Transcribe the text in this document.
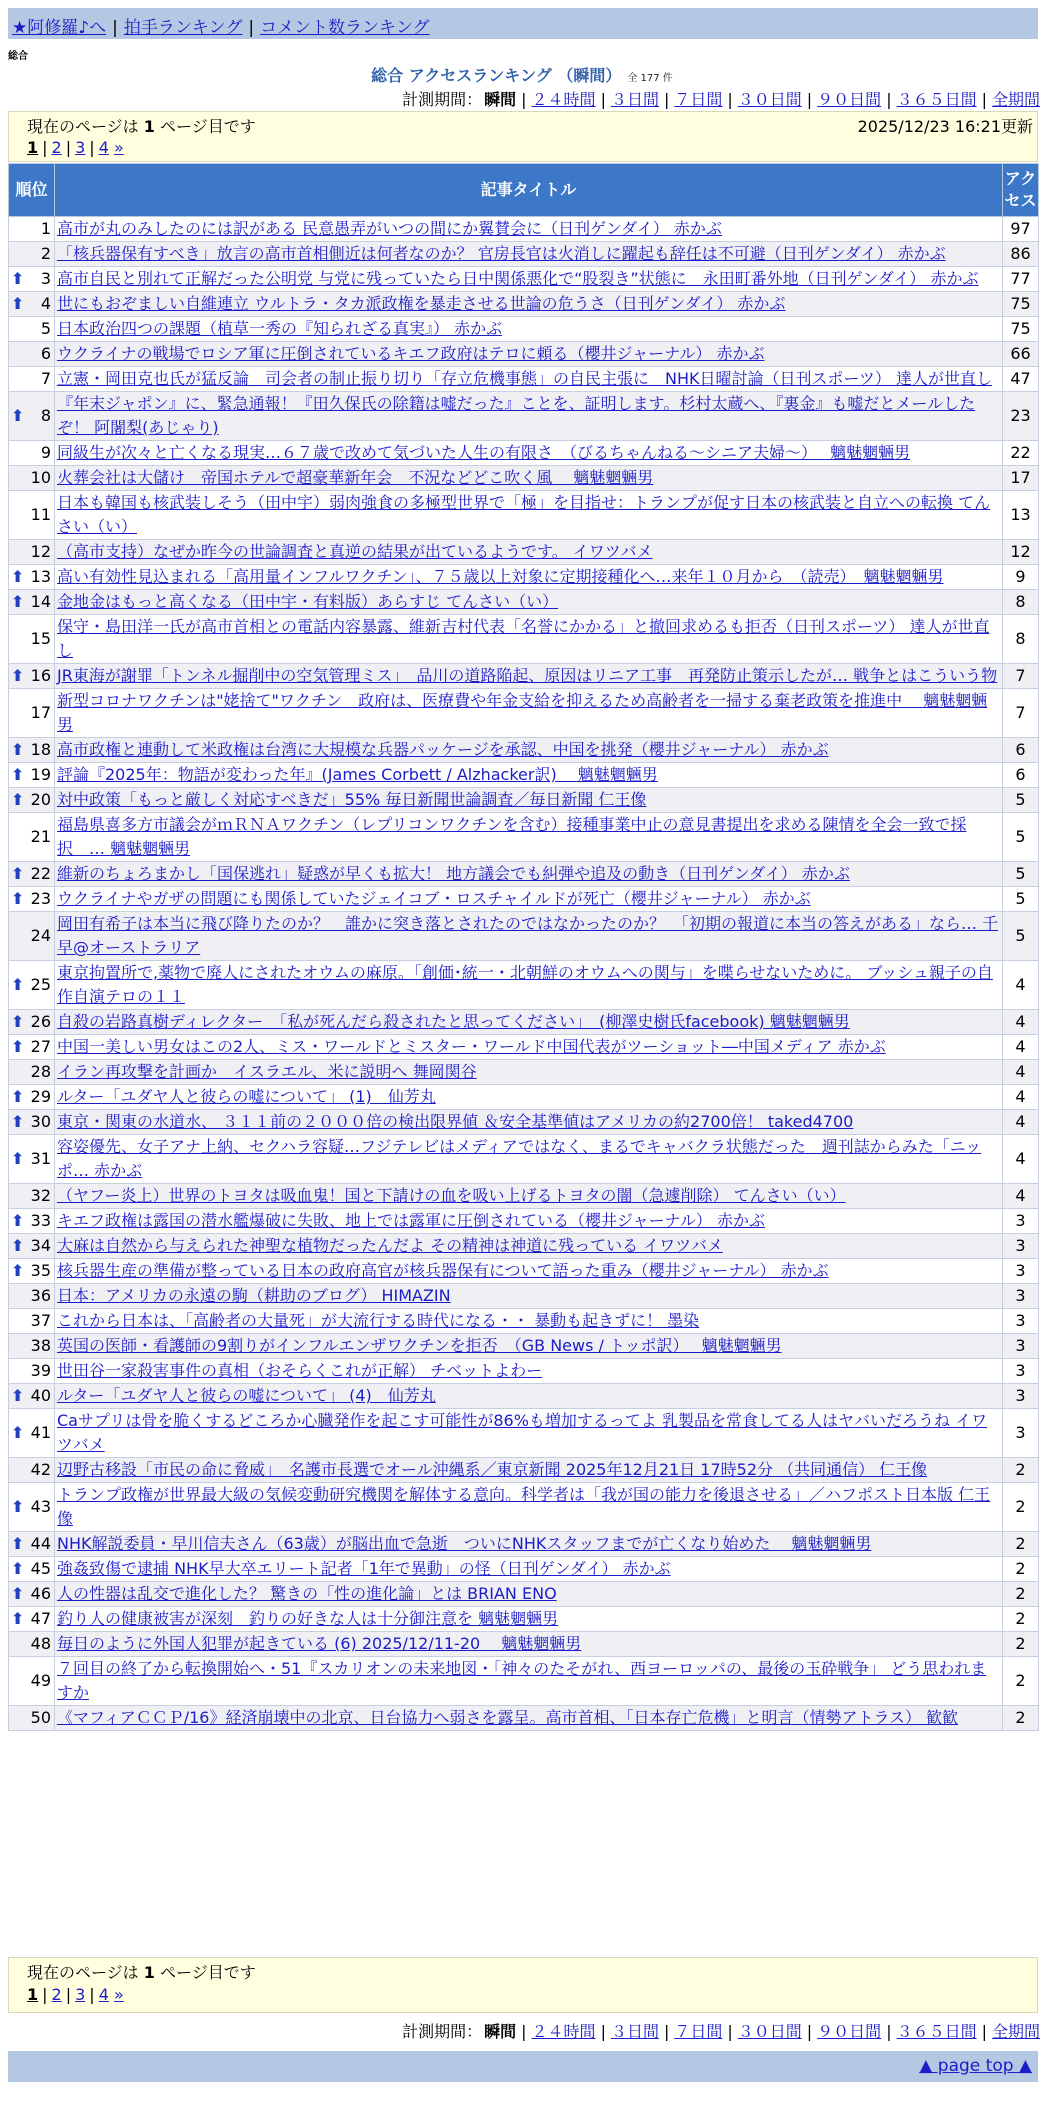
★阿修羅♪へ | 拍手ランキング | コメント数ランキング
総合
総合 アクセスランキング （瞬間） 全 177 件
計測期間： 瞬間 | ２４時間 | ３日間 | ７日間 | ３０日間 | ９０日間 | ３６５日間 | 全期間
現在のページは 1 ページ目です	2025/12/23 16:21更新
1 | 2 | 3 | 4 »
順位	記事タイトル	アクセス
1	高市が丸のみしたのには訳がある 民意愚弄がいつの間にか翼賛会に（日刊ゲンダイ） 赤かぶ	97
2	「核兵器保有すべき」放言の高市首相側近は何者なのか？ 官房長官は火消しに躍起も辞任は不可避（日刊ゲンダイ） 赤かぶ	86

⬆ 3	高市自民と別れて正解だった公明党 与党に残っていたら日中関係悪化で“股裂き”状態に　永田町番外地（日刊ゲンダイ） 赤かぶ	77

⬆ 4	世にもおぞましい自維連立 ウルトラ・タカ派政権を暴走させる世論の危うさ（日刊ゲンダイ） 赤かぶ	75
5	日本政治四つの課題（植草一秀の『知られざる真実』） 赤かぶ	75
6	ウクライナの戦場でロシア軍に圧倒されているキエフ政府はテロに頼る（櫻井ジャーナル） 赤かぶ	66
7	立憲・岡田克也氏が猛反論　司会者の制止振り切り「存立危機事態」の自民主張に　NHK日曜討論（日刊スポーツ） 達人が世直し	47

⬆ 8	『年末ジャポン』に、緊急通報！『田久保氏の除籍は嘘だった』ことを、証明します。杉村太蔵へ、『裏金』も嘘だとメールしたぞ！ 阿闍梨(あじゃり)	23
9	同級生が次々と亡くなる現実…６７歳で改めて気づいた人生の有限さ　（びるちゃんねる～シニア夫婦～）　 魑魅魍魎男	22
10	火葬会社は大儲け　帝国ホテルで超豪華新年会　不況などどこ吹く風　 魑魅魍魎男	17
11	日本も韓国も核武装しそう（田中宇）弱肉強食の多極型世界で「極」を目指せ：トランプが促す日本の核武装と自立への転換 てんさい（い）	13
12	（高市支持）なぜか昨今の世論調査と真逆の結果が出ているようです。 イワツバメ	12

⬆ 13	高い有効性見込まれる「高用量インフルワクチン」、７５歳以上対象に定期接種化へ…来年１０月から　（読売）　魑魅魍魎男	9

⬆ 14	金地金はもっと高くなる（田中宇・有料版）あらすじ てんさい（い）	8
15	保守・島田洋一氏が高市首相との電話内容暴露、維新吉村代表「名誉にかかる」と撤回求めるも拒否（日刊スポーツ） 達人が世直し	8

⬆ 16	JR東海が謝罪「トンネル掘削中の空気管理ミス」　品川の道路陥起、原因はリニア工事　再発防止策示したが… 戦争とはこういう物	7
17	新型コロナワクチンは"姥捨て"ワクチン　政府は、医療費や年金支給を抑えるため高齢者を一掃する棄老政策を推進中　 魑魅魍魎男	7

⬆ 18	高市政権と連動して米政権は台湾に大規模な兵器パッケージを承認、中国を挑発（櫻井ジャーナル） 赤かぶ	6

⬆ 19	評論『2025年：物語が変わった年』(James Corbett / Alzhacker訳)　 魑魅魍魎男	6

⬆ 20	対中政策「もっと厳しく対応すべきだ」55% 毎日新聞世論調査／毎日新聞 仁王像	5
21	福島県喜多方市議会がｍＲＮＡワクチン（レプリコンワクチンを含む）接種事業中止の意見書提出を求める陳情を全会一致で採択　… 魑魅魍魎男	5

⬆ 22	維新のちょろまかし「国保逃れ」疑惑が早くも拡大！ 地方議会でも糾弾や追及の動き（日刊ゲンダイ） 赤かぶ	5

⬆ 23	ウクライナやガザの問題にも関係していたジェイコブ・ロスチャイルドが死亡（櫻井ジャーナル） 赤かぶ	5
24	岡田有希子は本当に飛び降りたのか？　誰かに突き落とされたのではなかったのか？　「初期の報道に本当の答えがある」なら… 千早@オーストラリア	5

⬆ 25	東京拘置所で,薬物で廃人にされたオウムの麻原。「創価･統一・北朝鮮のオウムへの関与」を喋らせないために。 ブッシュ親子の自作自演テロの１１	4

⬆ 26	自殺の岩路真樹ディレクター　「私が死んだら殺されたと思ってください」　(柳澤史樹氏facebook) 魑魅魍魎男	4

⬆ 27	中国一美しい男女はこの2人、ミス・ワールドとミスター・ワールド中国代表がツーショット―中国メディア 赤かぶ	4
28	イラン再攻撃を計画か　イスラエル、米に説明へ 舞岡関谷	4

⬆ 29	ルター「ユダヤ人と彼らの嘘について」 (1)　仙芳丸	4

⬆ 30	東京・関東の水道水、 ３１１前の２０００倍の検出限界値 ＆安全基準値はアメリカの約2700倍！ taked4700	4

⬆ 31	容姿優先、女子アナ上納、セクハラ容疑…フジテレビはメディアではなく、まるでキャバクラ状態だった　週刊誌からみた「ニッポ… 赤かぶ	4
32	（ヤフー炎上）世界のトヨタは吸血鬼！国と下請けの血を吸い上げるトヨタの闇（急遽削除） てんさい（い）	4

⬆ 33	キエフ政権は露国の潜水艦爆破に失敗、地上では露軍に圧倒されている（櫻井ジャーナル） 赤かぶ	3

⬆ 34	大麻は自然から与えられた神聖な植物だったんだよ その精神は神道に残っている イワツバメ	3

⬆ 35	核兵器生産の準備が整っている日本の政府高官が核兵器保有について語った重み（櫻井ジャーナル） 赤かぶ	3
36	日本：アメリカの永遠の駒（耕助のブログ） HIMAZIN	3
37	これから日本は、「高齢者の大量死」が大流行する時代になる・・ 暴動も起きずに！ 墨染	3
38	英国の医師・看護師の9割りがインフルエンザワクチンを拒否　（GB News / トッポ訳）　 魑魅魍魎男	3
39	世田谷一家殺害事件の真相（おそらくこれが正解） チベットよわー	3

⬆ 40	ルター「ユダヤ人と彼らの嘘について」 (4)　仙芳丸	3

⬆ 41	Caサプリは骨を脆くするどころか心臓発作を起こす可能性が86%も増加するってよ 乳製品を常食してる人はヤバいだろうね イワツバメ	3
42	辺野古移設「市民の命に脅威」　名護市長選でオール沖縄系／東京新聞 2025年12月21日 17時52分 （共同通信） 仁王像	2

⬆ 43	トランプ政権が世界最大級の気候変動研究機関を解体する意向。科学者は「我が国の能力を後退させる」／ハフポスト日本版 仁王像	2

⬆ 44	NHK解説委員・早川信夫さん（63歳）が脳出血で急逝　ついにNHKスタッフまでが亡くなり始めた　 魑魅魍魎男	2

⬆ 45	強姦致傷で逮捕 NHK早大卒エリート記者「1年で異動」の怪（日刊ゲンダイ） 赤かぶ	2

⬆ 46	人の性器は乱交で進化した？ 驚きの「性の進化論」とは BRIAN ENO	2

⬆ 47	釣り人の健康被害が深刻　釣りの好きな人は十分御注意を 魑魅魍魎男	2
48	毎日のように外国人犯罪が起きている (6) 2025/12/11-20　 魑魅魍魎男	2
49	７回目の終了から転換開始へ・51『スカリオンの未来地図・「神々のたそがれ、西ヨーロッパの、最後の玉砕戦争」 どう思われますか	2
50	《マフィアＣＣＰ/16》経済崩壊中の北京、日台協力へ弱さを露呈。高市首相、「日本存亡危機」と明言（情勢アトラス） 歓歓	2
現在のページは 1 ページ目です
1 | 2 | 3 | 4 »
計測期間： 瞬間 | ２４時間 | ３日間 | ７日間 | ３０日間 | ９０日間 | ３６５日間 | 全期間
▲ page top ▲
